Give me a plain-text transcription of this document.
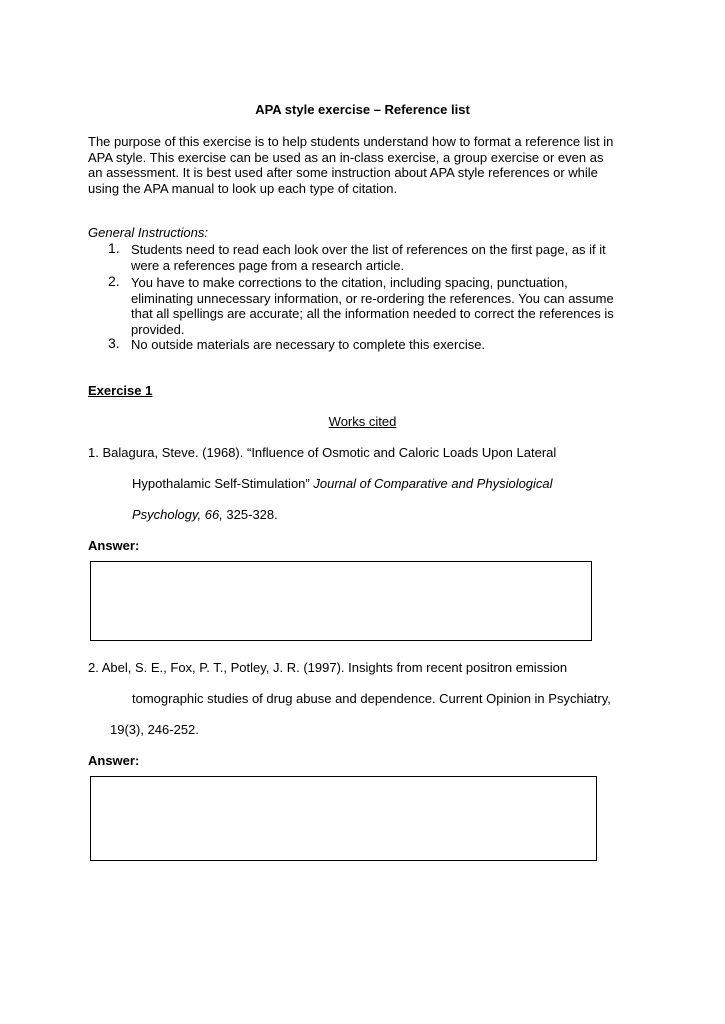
APA style exercise – Reference list
The purpose of this exercise is to help students understand how to format a reference list in
APA style. This exercise can be used as an in-class exercise, a group exercise or even as
an assessment. It is best used after some instruction about APA style references or while
using the APA manual to look up each type of citation.
General Instructions:
1. Students need to read each look over the list of references on the first page, as if it
were a references page from a research article.
2. You have to make corrections to the citation, including spacing, punctuation,
eliminating unnecessary information, or re-ordering the references. You can assume
that all spellings are accurate; all the information needed to correct the references is
provided.
3. No outside materials are necessary to complete this exercise.
Exercise 1
Works cited
1. Balagura, Steve. (1968). “Influence of Osmotic and Caloric Loads Upon Lateral
Hypothalamic Self-Stimulation” Journal of Comparative and Physiological
Psychology, 66, 325-328.
Answer:
2. Abel, S. E., Fox, P. T., Potley, J. R. (1997). Insights from recent positron emission
tomographic studies of drug abuse and dependence. Current Opinion in Psychiatry,
19(3), 246-252.
Answer:
